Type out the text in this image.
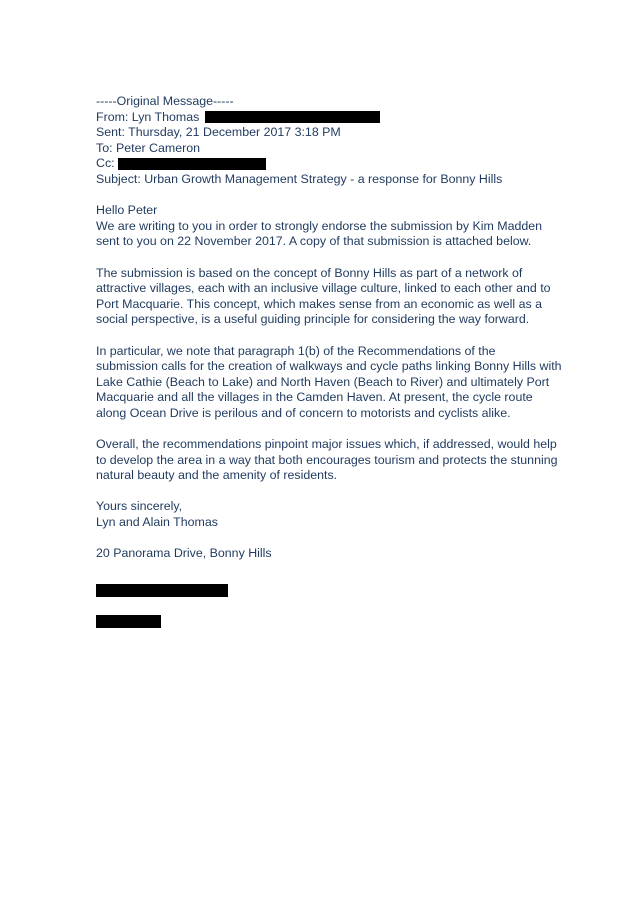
-----Original Message-----
From: Lyn Thomas
Sent: Thursday, 21 December 2017 3:18 PM
To: Peter Cameron
Cc:
Subject: Urban Growth Management Strategy - a response for Bonny Hills
Hello Peter
We are writing to you in order to strongly endorse the submission by Kim Madden
sent to you on 22 November 2017. A copy of that submission is attached below.
The submission is based on the concept of Bonny Hills as part of a network of
attractive villages, each with an inclusive village culture, linked to each other and to
Port Macquarie. This concept, which makes sense from an economic as well as a
social perspective, is a useful guiding principle for considering the way forward.
In particular, we note that paragraph 1(b) of the Recommendations of the
submission calls for the creation of walkways and cycle paths linking Bonny Hills with
Lake Cathie (Beach to Lake) and North Haven (Beach to River) and ultimately Port
Macquarie and all the villages in the Camden Haven. At present, the cycle route
along Ocean Drive is perilous and of concern to motorists and cyclists alike.
Overall, the recommendations pinpoint major issues which, if addressed, would help
to develop the area in a way that both encourages tourism and protects the stunning
natural beauty and the amenity of residents.
Yours sincerely,
Lyn and Alain Thomas
20 Panorama Drive, Bonny Hills
